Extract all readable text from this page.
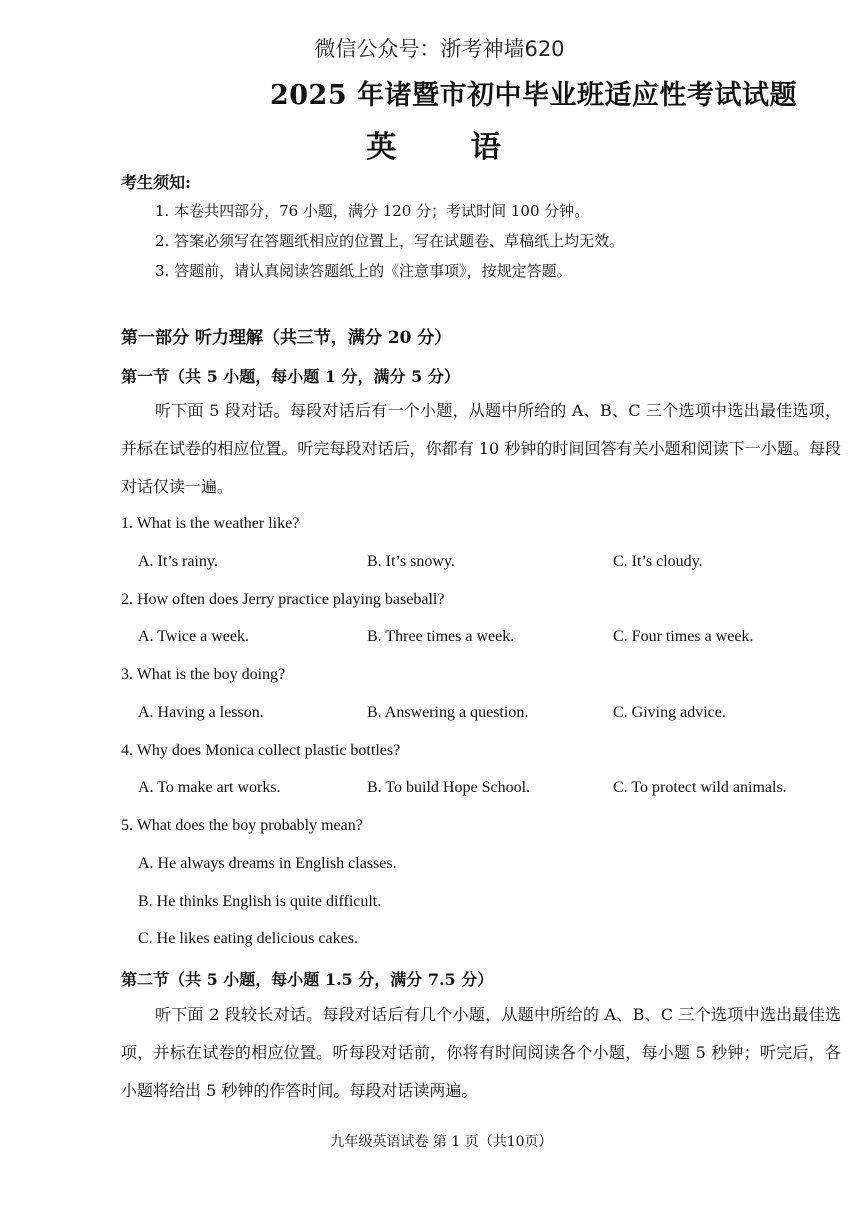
微信公众号：浙考神墙620
2025 年诸暨市初中毕业班适应性考试试题
英 语
考生须知:
1. 本卷共四部分，76 小题，满分 120 分；考试时间 100 分钟。
2. 答案必须写在答题纸相应的位置上，写在试题卷、草稿纸上均无效。
3. 答题前，请认真阅读答题纸上的《注意事项》，按规定答题。
第一部分 听力理解（共三节，满分 20 分）
第一节（共 5 小题，每小题 1 分，满分 5 分）
听下面 5 段对话。每段对话后有一个小题，从题中所给的 A、B、C 三个选项中选出最佳选项，并标在试卷的相应位置。听完每段对话后，你都有 10 秒钟的时间回答有关小题和阅读下一小题。每段对话仅读一遍。
1. What is the weather like?
A. It’s rainy.	B. It’s snowy.	C. It’s cloudy.
2. How often does Jerry practice playing baseball?
A. Twice a week.	B. Three times a week.	C. Four times a week.
3. What is the boy doing?
A. Having a lesson.	B. Answering a question.	C. Giving advice.
4. Why does Monica collect plastic bottles?
A. To make art works.	B. To build Hope School.	C. To protect wild animals.
5. What does the boy probably mean?
A. He always dreams in English classes.
B. He thinks English is quite difficult.
C. He likes eating delicious cakes.
第二节（共 5 小题，每小题 1.5 分，满分 7.5 分）
听下面 2 段较长对话。每段对话后有几个小题，从题中所给的 A、B、C 三个选项中选出最佳选项，并标在试卷的相应位置。听每段对话前，你将有时间阅读各个小题，每小题 5 秒钟；听完后，各小题将给出 5 秒钟的作答时间。每段对话读两遍。
九年级英语试卷 第 1 页（共10页）
